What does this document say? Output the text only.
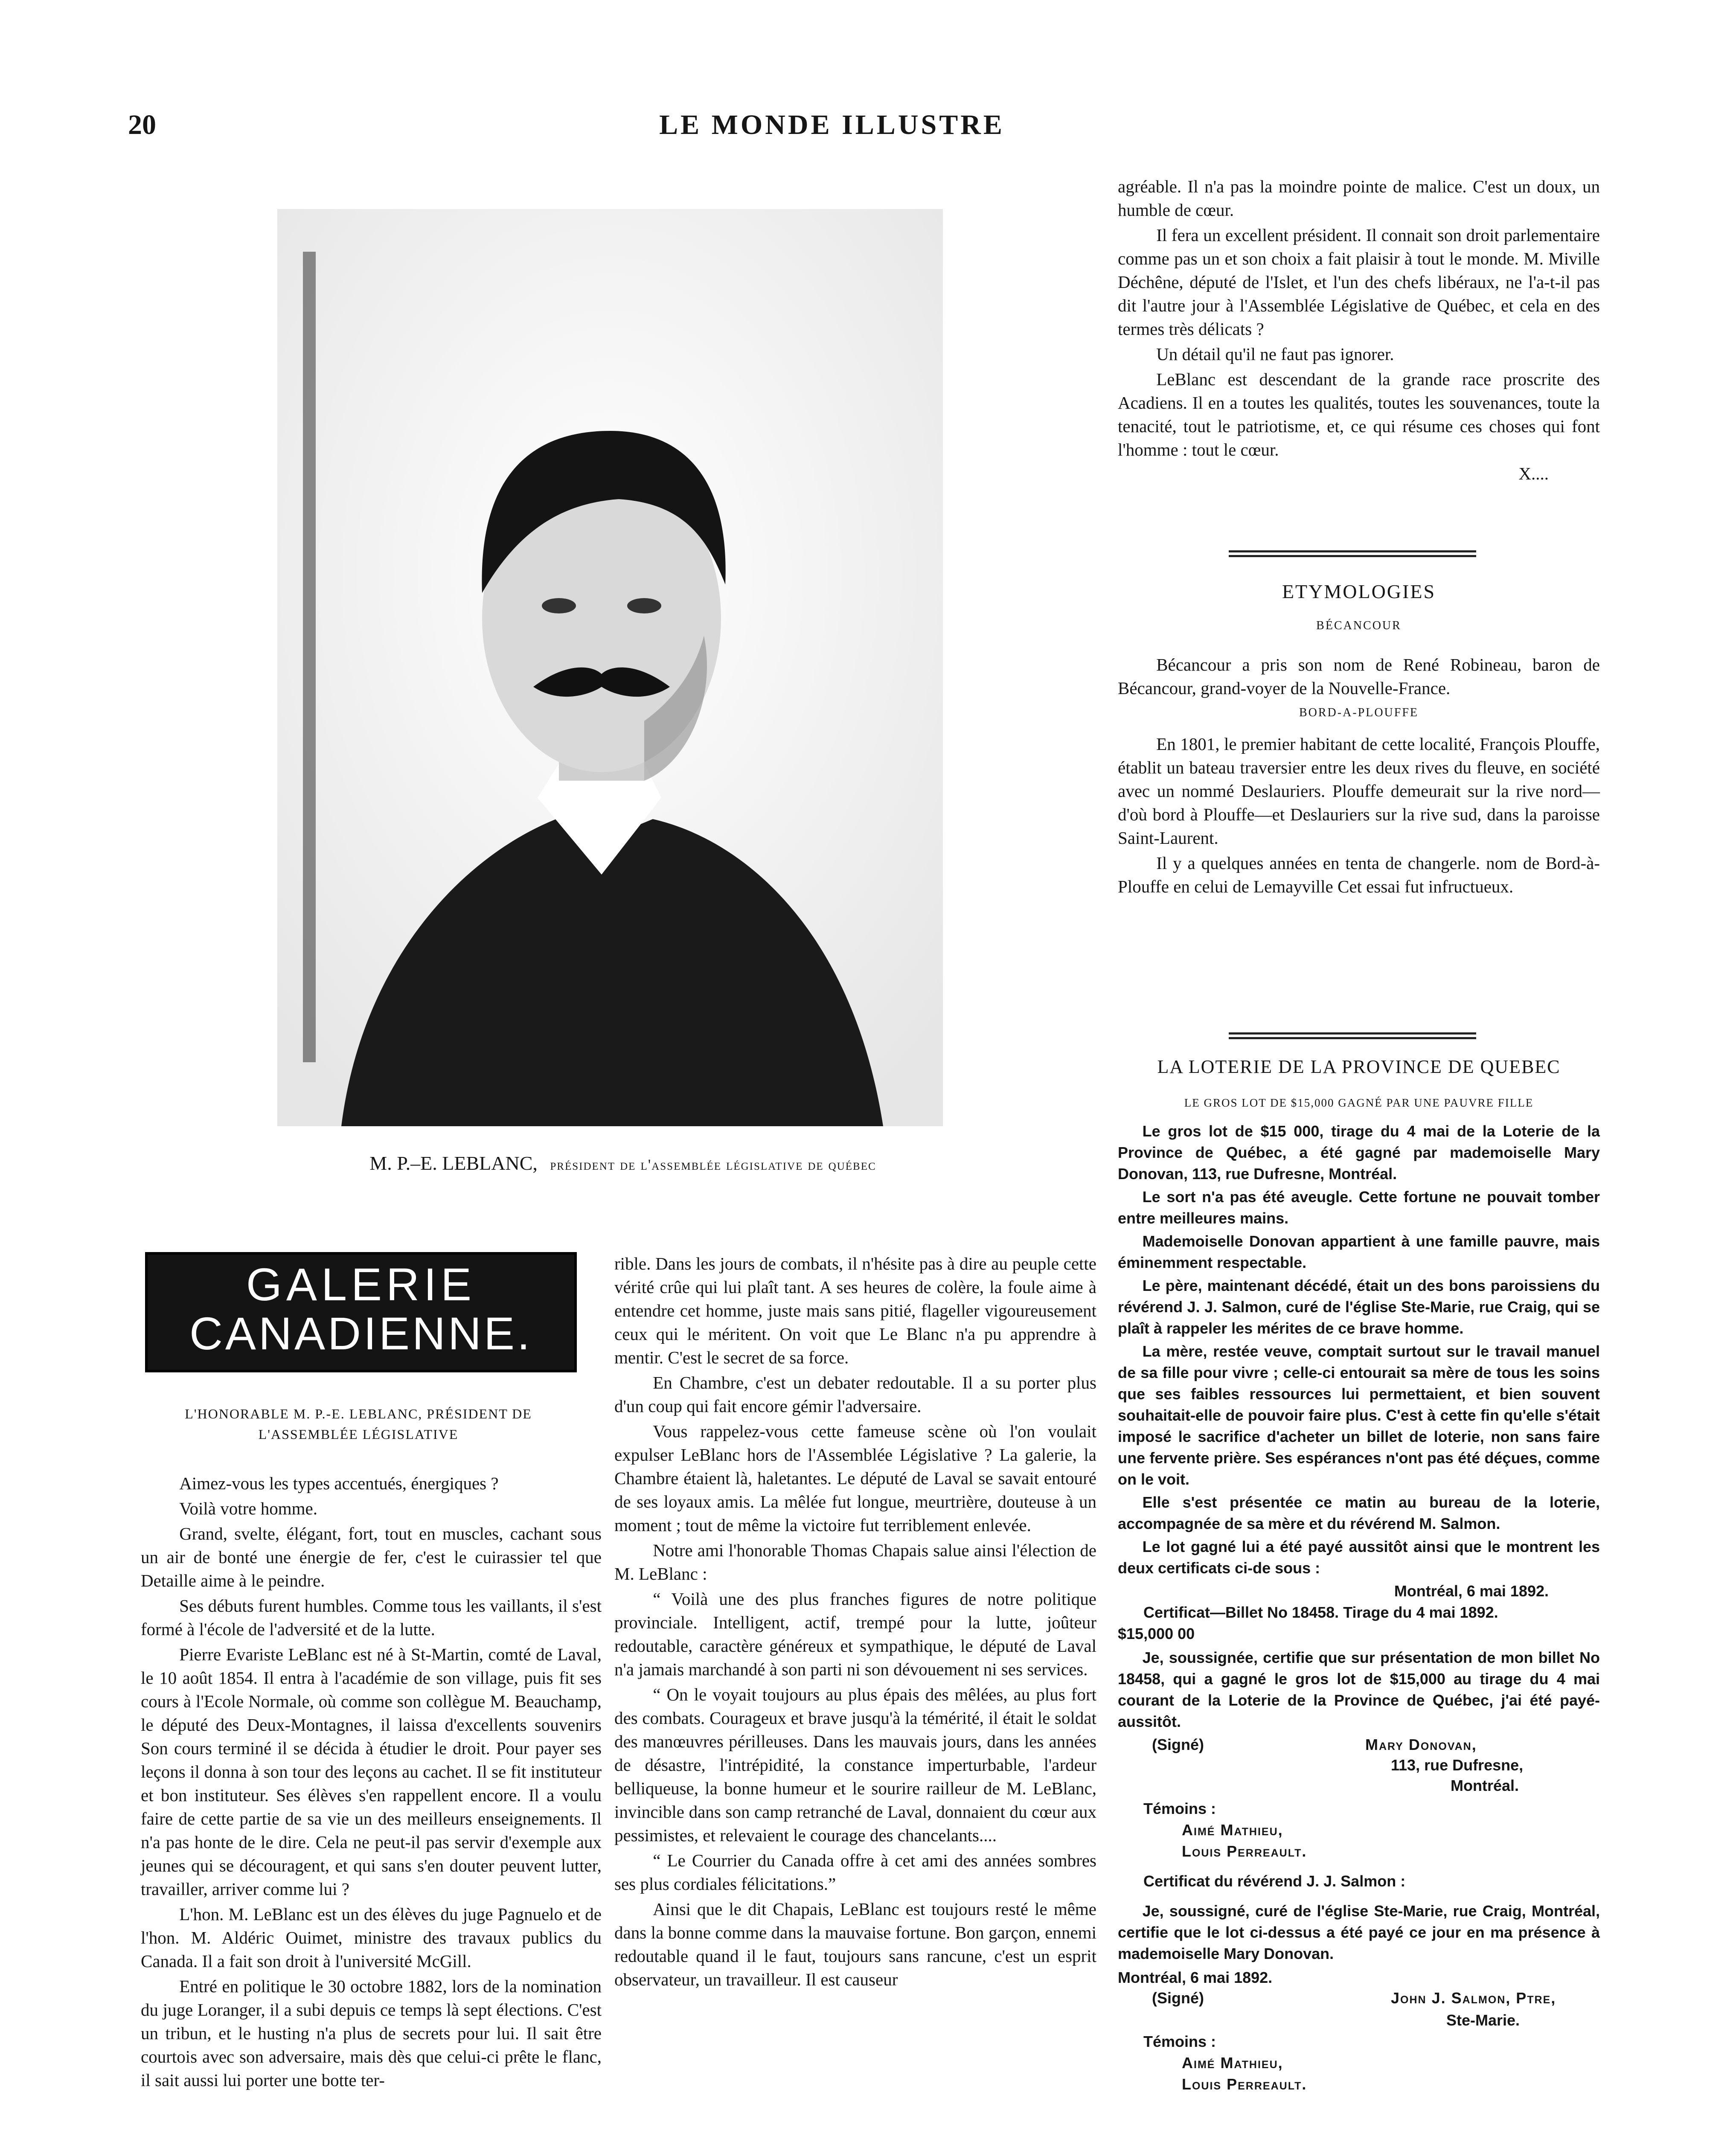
20	LE MONDE ILLUSTRE
M. P.–E. LEBLANC, président de l'assemblée législative de québec
GALERIE
CANADIENNE.
L'HONORABLE M. P.-E. LEBLANC, PRÉSIDENT DE
L'ASSEMBLÉE LÉGISLATIVE

Aimez-vous les types accentués, énergiques ?

Voilà votre homme.

Grand, svelte, élégant, fort, tout en muscles, cachant sous un air de bonté une énergie de fer, c'est le cuirassier tel que Detaille aime à le peindre.

Ses débuts furent humbles. Comme tous les vaillants, il s'est formé à l'école de l'adversité et de la lutte.

Pierre Evariste LeBlanc est né à St-Martin, comté de Laval, le 10 août 1854. Il entra à l'académie de son village, puis fit ses cours à l'Ecole Normale, où comme son collègue M. Beauchamp, le député des Deux-Montagnes, il laissa d'excellents souvenirs Son cours terminé il se décida à étudier le droit. Pour payer ses leçons il donna à son tour des leçons au cachet. Il se fit instituteur et bon instituteur. Ses élèves s'en rappellent encore. Il a voulu faire de cette partie de sa vie un des meilleurs enseignements. Il n'a pas honte de le dire. Cela ne peut-il pas servir d'exemple aux jeunes qui se découragent, et qui sans s'en douter peuvent lutter, travailler, arriver comme lui ?

L'hon. M. LeBlanc est un des élèves du juge Pagnuelo et de l'hon. M. Aldéric Ouimet, ministre des travaux publics du Canada. Il a fait son droit à l'université McGill.

Entré en politique le 30 octobre 1882, lors de la nomination du juge Loranger, il a subi depuis ce temps là sept élections. C'est un tribun, et le husting n'a plus de secrets pour lui. Il sait être courtois avec son adversaire, mais dès que celui-ci prête le flanc, il sait aussi lui porter une botte ter-

rible. Dans les jours de combats, il n'hésite pas à dire au peuple cette vérité crûe qui lui plaît tant. A ses heures de colère, la foule aime à entendre cet homme, juste mais sans pitié, flageller vigoureusement ceux qui le méritent. On voit que Le Blanc n'a pu apprendre à mentir. C'est le secret de sa force.

En Chambre, c'est un debater redoutable. Il a su porter plus d'un coup qui fait encore gémir l'adversaire.

Vous rappelez-vous cette fameuse scène où l'on voulait expulser LeBlanc hors de l'Assemblée Législative ? La galerie, la Chambre étaient là, haletantes. Le député de Laval se savait entouré de ses loyaux amis. La mêlée fut longue, meurtrière, douteuse à un moment ; tout de même la victoire fut terriblement enlevée.

Notre ami l'honorable Thomas Chapais salue ainsi l'élection de M. LeBlanc :

“ Voilà une des plus franches figures de notre politique provinciale. Intelligent, actif, trempé pour la lutte, joûteur redoutable, caractère généreux et sympathique, le député de Laval n'a jamais marchandé à son parti ni son dévouement ni ses services.

“ On le voyait toujours au plus épais des mêlées, au plus fort des combats. Courageux et brave jusqu'à la témérité, il était le soldat des manœuvres périlleuses. Dans les mauvais jours, dans les années de désastre, l'intrépidité, la constance imperturbable, l'ardeur belliqueuse, la bonne humeur et le sourire railleur de M. LeBlanc, invincible dans son camp retranché de Laval, donnaient du cœur aux pessimistes, et relevaient le courage des chancelants....

“ Le Courrier du Canada offre à cet ami des années sombres ses plus cordiales félicitations.”

Ainsi que le dit Chapais, LeBlanc est toujours resté le même dans la bonne comme dans la mauvaise fortune. Bon garçon, ennemi redoutable quand il le faut, toujours sans rancune, c'est un esprit observateur, un travailleur. Il est causeur

agréable. Il n'a pas la moindre pointe de malice. C'est un doux, un humble de cœur.

Il fera un excellent président. Il connait son droit parlementaire comme pas un et son choix a fait plaisir à tout le monde. M. Miville Déchêne, député de l'Islet, et l'un des chefs libéraux, ne l'a-t-il pas dit l'autre jour à l'Assemblée Législative de Québec, et cela en des termes très délicats ?

Un détail qu'il ne faut pas ignorer.

LeBlanc est descendant de la grande race proscrite des Acadiens. Il en a toutes les qualités, toutes les souvenances, toute la tenacité, tout le patriotisme, et, ce qui résume ces choses qui font l'homme : tout le cœur.

X....
ETYMOLOGIES
BÉCANCOUR

Bécancour a pris son nom de René Robineau, baron de Bécancour, grand-voyer de la Nouvelle-France.

BORD-A-PLOUFFE

En 1801, le premier habitant de cette localité, François Plouffe, établit un bateau traversier entre les deux rives du fleuve, en société avec un nommé Deslauriers. Plouffe demeurait sur la rive nord—d'où bord à Plouffe—et Deslauriers sur la rive sud, dans la paroisse Saint-Laurent.

Il y a quelques années en tenta de changerle. nom de Bord-à-Plouffe en celui de Lemayville Cet essai fut infructueux.

LA LOTERIE DE LA PROVINCE DE QUEBEC
LE GROS LOT DE $15,000 GAGNÉ PAR UNE PAUVRE FILLE

Le gros lot de $15 000, tirage du 4 mai de la Loterie de la Province de Québec, a été gagné par mademoiselle Mary Donovan, 113, rue Dufresne, Montréal.

Le sort n'a pas été aveugle. Cette fortune ne pouvait tomber entre meilleures mains.

Mademoiselle Donovan appartient à une famille pauvre, mais éminemment respectable.

Le père, maintenant décédé, était un des bons paroissiens du révérend J. J. Salmon, curé de l'église Ste-Marie, rue Craig, qui se plaît à rappeler les mérites de ce brave homme.

La mère, restée veuve, comptait surtout sur le travail manuel de sa fille pour vivre ; celle-ci entourait sa mère de tous les soins que ses faibles ressources lui permettaient, et bien souvent souhaitait-elle de pouvoir faire plus. C'est à cette fin qu'elle s'était imposé le sacrifice d'acheter un billet de loterie, non sans faire une fervente prière. Ses espérances n'ont pas été déçues, comme on le voit.

Elle s'est présentée ce matin au bureau de la loterie, accompagnée de sa mère et du révérend M. Salmon.

Le lot gagné lui a été payé aussitôt ainsi que le montrent les deux certificats ci-de sous :

Montréal, 6 mai 1892.
Certificat—Billet No 18458. Tirage du 4 mai 1892.
$15,000 00

Je, soussignée, certifie que sur présentation de mon billet No 18458, qui a gagné le gros lot de $15,000 au tirage du 4 mai courant de la Loterie de la Province de Québec, j'ai été payé- aussitôt.

(Signé)	Mary Donovan,
113, rue Dufresne,
Montréal.
Témoins :
Aimé Mathieu,
Louis Perreault.
Certificat du révérend J. J. Salmon :

Je, soussigné, curé de l'église Ste-Marie, rue Craig, Montréal, certifie que le lot ci-dessus a été payé ce jour en ma présence à mademoiselle Mary Donovan.

Montréal, 6 mai 1892.
(Signé)	John J. Salmon, Ptre,
Ste-Marie.
Témoins :
Aimé Mathieu,
Louis Perreault.
